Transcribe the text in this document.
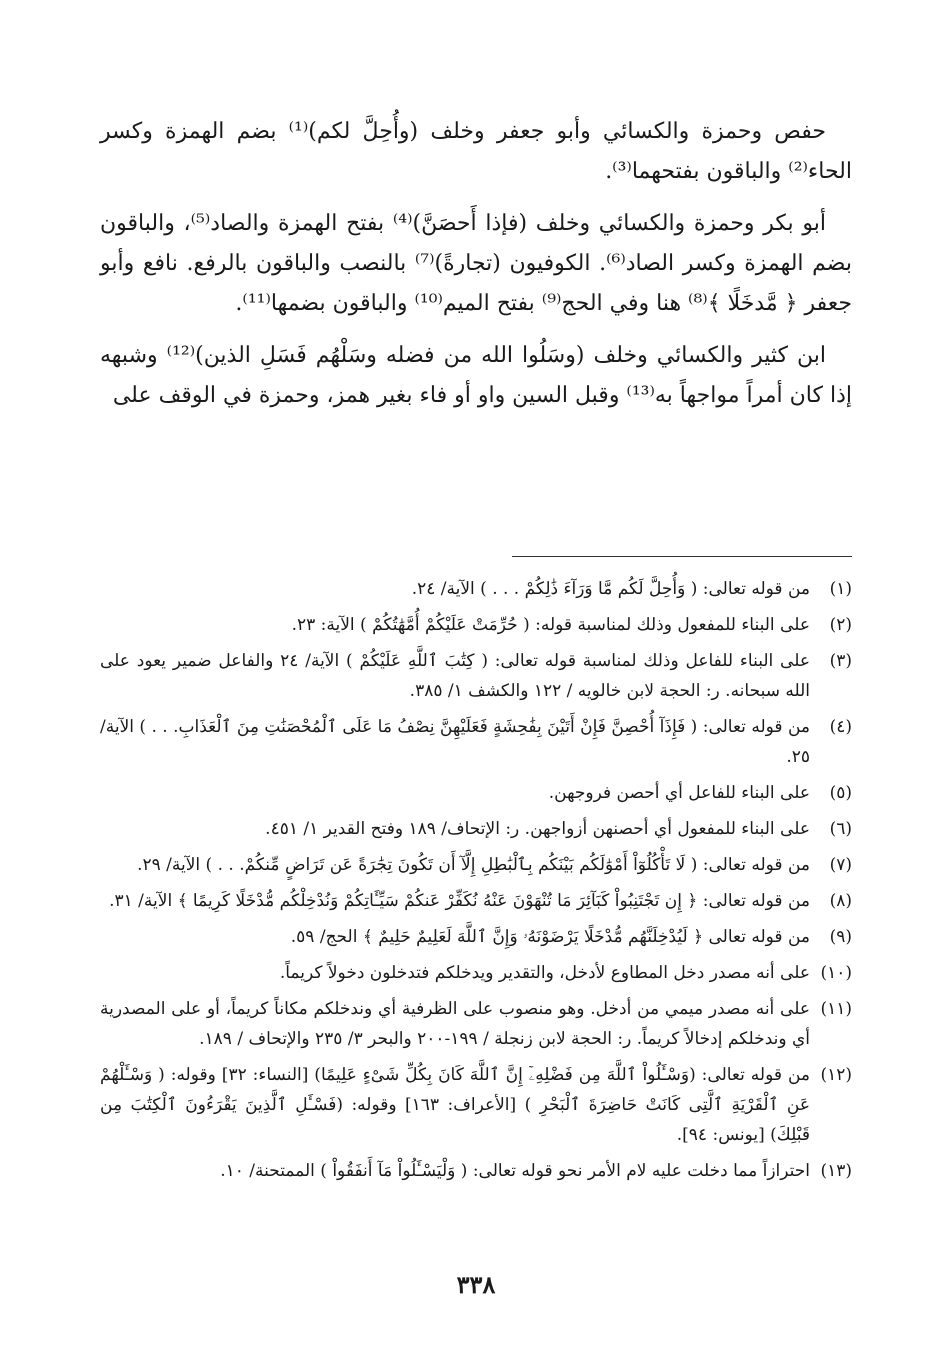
حفص وحمزة والكسائي وأبو جعفر وخلف (وأُحِلَّ لكم)⁽¹⁾ بضم الهمزة وكسر الحاء⁽²⁾ والباقون بفتحهما⁽³⁾.

أبو بكر وحمزة والكسائي وخلف (فإذا أَحصَنَّ)⁽⁴⁾ بفتح الهمزة والصاد⁽⁵⁾، والباقون بضم الهمزة وكسر الصاد⁽⁶⁾. الكوفيون (تجارةً)⁽⁷⁾ بالنصب والباقون بالرفع. نافع وأبو جعفر ﴿ مَّدخَلًا ﴾⁽⁸⁾ هنا وفي الحج⁽⁹⁾ بفتح الميم⁽¹⁰⁾ والباقون بضمها⁽¹¹⁾.

ابن كثير والكسائي وخلف (وسَلُوا الله من فضله وسَلْهُم فَسَلِ الذين)⁽¹²⁾ وشبهه إذا كان أمراً مواجهاً به⁽¹³⁾ وقبل السين واو أو فاء بغير همز، وحمزة في الوقف على

(١)
من قوله تعالى: ( وَأُحِلَّ لَكُم مَّا وَرَآءَ ذَٰلِكُمْ . . . ) الآية/ ٢٤.
(٢)
على البناء للمفعول وذلك لمناسبة قوله: ( حُرِّمَتْ عَلَيْكُمْ أُمَّهَٰتُكُمْ ) الآية: ٢٣.
(٣)
على البناء للفاعل وذلك لمناسبة قوله تعالى: ( كِتَٰبَ ٱللَّهِ عَلَيْكُمْ ) الآية/ ٢٤ والفاعل ضمير يعود على الله سبحانه. ر: الحجة لابن خالويه / ١٢٢ والكشف ١/ ٣٨٥.
(٤)
من قوله تعالى: ( فَإِذَآ أُحْصِنَّ فَإِنْ أَتَيْنَ بِفَٰحِشَةٍ فَعَلَيْهِنَّ نِصْفُ مَا عَلَى ٱلْمُحْصَنَٰتِ مِنَ ٱلْعَذَابِ. . . ) الآية/ ٢٥.
(٥)
على البناء للفاعل أي أحصن فروجهن.
(٦)
على البناء للمفعول أي أحصنهن أزواجهن. ر: الإتحاف/ ١٨٩ وفتح القدير ١/ ٤٥١.
(٧)
من قوله تعالى: ( لَا تَأْكُلُوٓاْ أَمْوَٰلَكُم بَيْنَكُم بِٱلْبَٰطِلِ إِلَّآ أَن تَكُونَ تِجَٰرَةً عَن تَرَاضٍ مِّنكُمْ. . . ) الآية/ ٢٩.
(٨)
من قوله تعالى: ﴿ إِن تَجْتَنِبُواْ كَبَآئِرَ مَا تُنْهَوْنَ عَنْهُ نُكَفِّرْ عَنكُمْ سَيِّـَٔاتِكُمْ وَنُدْخِلْكُم مُّدْخَلًا كَرِيمًا ﴾ الآية/ ٣١.
(٩)
من قوله تعالى ﴿ لَيُدْخِلَنَّهُم مُّدْخَلًا يَرْضَوْنَهُۥ وَإِنَّ ٱللَّهَ لَعَلِيمٌ حَلِيمٌ ﴾ الحج/ ٥٩.
(١٠)
على أنه مصدر دخل المطاوع لأدخل، والتقدير ويدخلكم فتدخلون دخولاً كريماً.
(١١)
على أنه مصدر ميمي من أدخل. وهو منصوب على الظرفية أي وندخلكم مكاناً كريماً، أو على المصدرية أي وندخلكم إدخالاً كريماً. ر: الحجة لابن زنجلة / ١٩٩-٢٠٠ والبحر ٣/ ٢٣٥ والإتحاف / ١٨٩.
(١٢)
من قوله تعالى: (وَسْـَٔلُواْ ٱللَّهَ مِن فَضْلِهِۦٓ إِنَّ ٱللَّهَ كَانَ بِكُلِّ شَىْءٍ عَلِيمًا) [النساء: ٣٢] وقوله: ( وَسْـَٔلْهُمْ عَنِ ٱلْقَرْيَةِ ٱلَّتِى كَانَتْ حَاضِرَةَ ٱلْبَحْرِ ) [الأعراف: ١٦٣] وقوله: (فَسْـَٔلِ ٱلَّذِينَ يَقْرَءُونَ ٱلْكِتَٰبَ مِن قَبْلِكَ) [يونس: ٩٤].
(١٣)
احترازاً مما دخلت عليه لام الأمر نحو قوله تعالى: ( وَلْيَسْـَٔلُواْ مَآ أَنفَقُواْ ) الممتحنة/ ١٠.
٣٣٨
